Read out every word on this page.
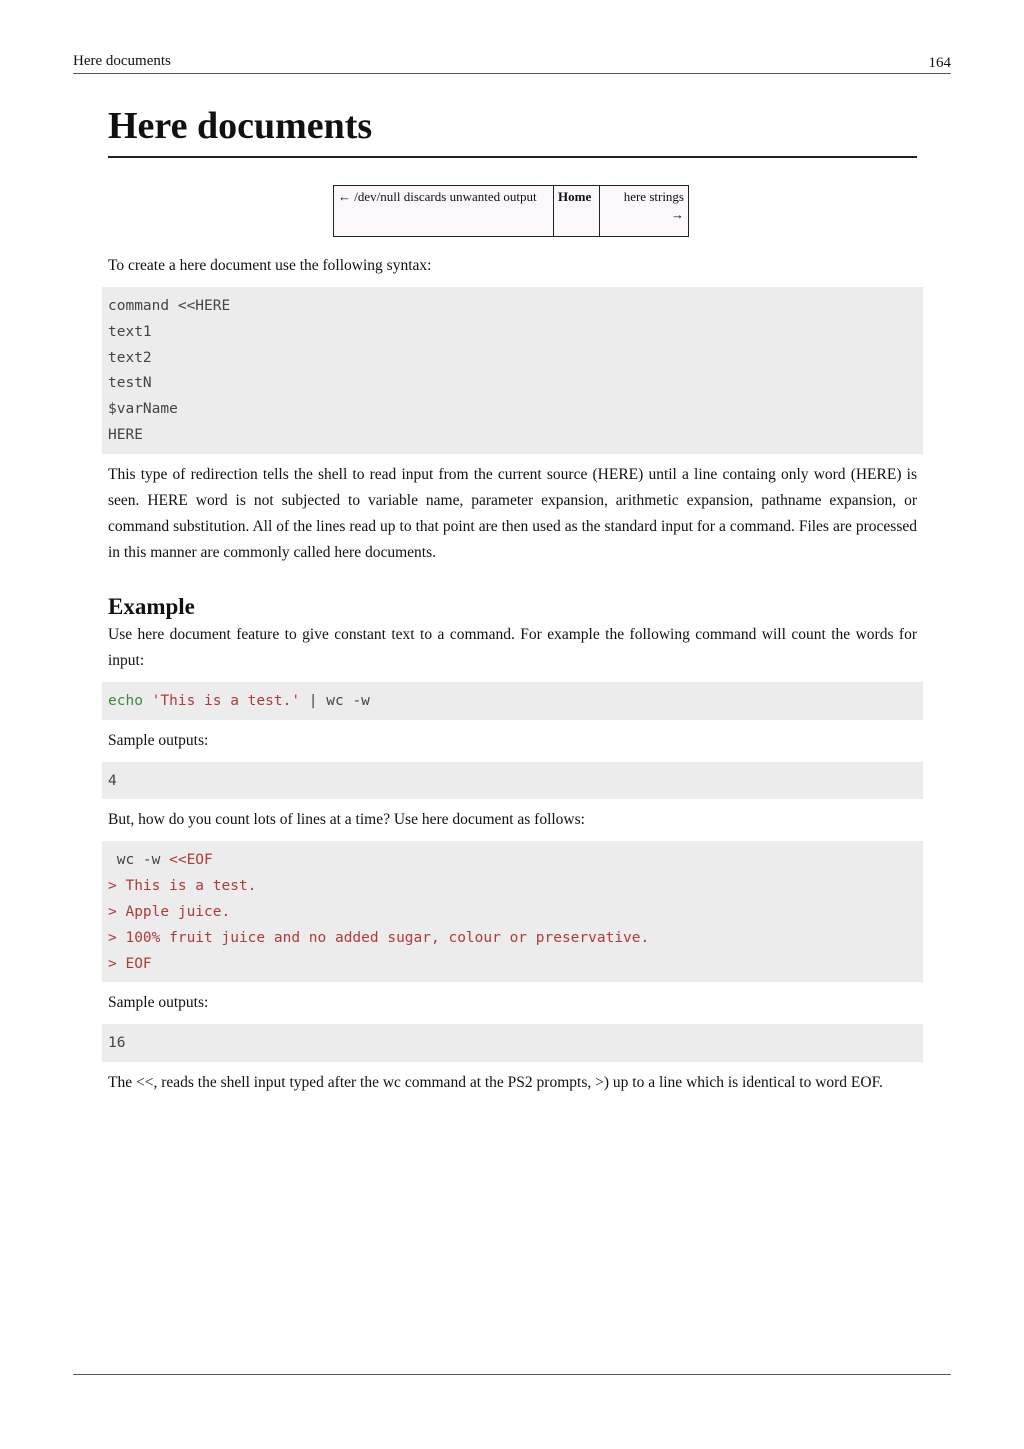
Here documents	164
Here documents
← /dev/null discards unwanted output	Home	here strings
→

To create a here document use the following syntax:

command <<HERE
text1
text2
testN
$varName
HERE

This type of redirection tells the shell to read input from the current source (HERE) until a line containg only word (HERE) is seen. HERE word is not subjected to variable name, parameter expansion, arithmetic expansion, pathname expansion, or command substitution. All of the lines read up to that point are then used as the standard input for a command. Files are processed in this manner are commonly called here documents.

Example

Use here document feature to give constant text to a command. For example the following command will count the words for input:

echo 'This is a test.' | wc -w

Sample outputs:

4

But, how do you count lots of lines at a time? Use here document as follows:

wc -w <<EOF
> This is a test.
> Apple juice.
> 100% fruit juice and no added sugar, colour or preservative.
> EOF

Sample outputs:

16

The <<, reads the shell input typed after the wc command at the PS2 prompts, >) up to a line which is identical to word EOF.
